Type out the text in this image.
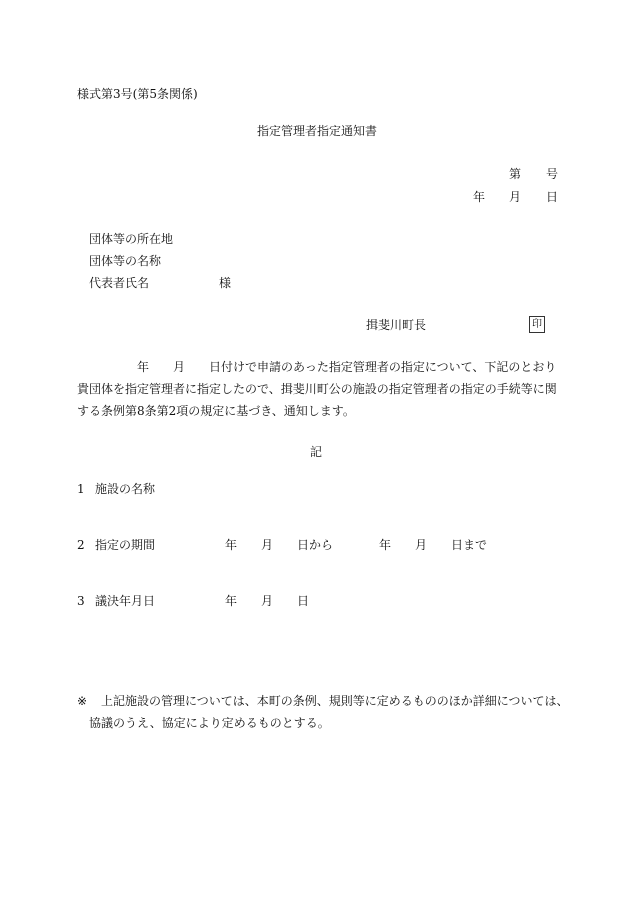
様式第3号(第5条関係)
指定管理者指定通知書
第 号
年 月 日
団体等の所在地
団体等の名称
代表者氏名	様
揖斐川町長	印
年 月 日付けで申請のあった指定管理者の指定について、下記のとおり
貴団体を指定管理者に指定したので、揖斐川町公の施設の指定管理者の指定の手続等に関
する条例第8条第2項の規定に基づき、通知します。
記
1 施設の名称
2 指定の期間	年 月 日から	年 月 日まで
3 議決年月日	年 月 日
※ 上記施設の管理については、本町の条例、規則等に定めるもののほか詳細については、
協議のうえ、協定により定めるものとする。
